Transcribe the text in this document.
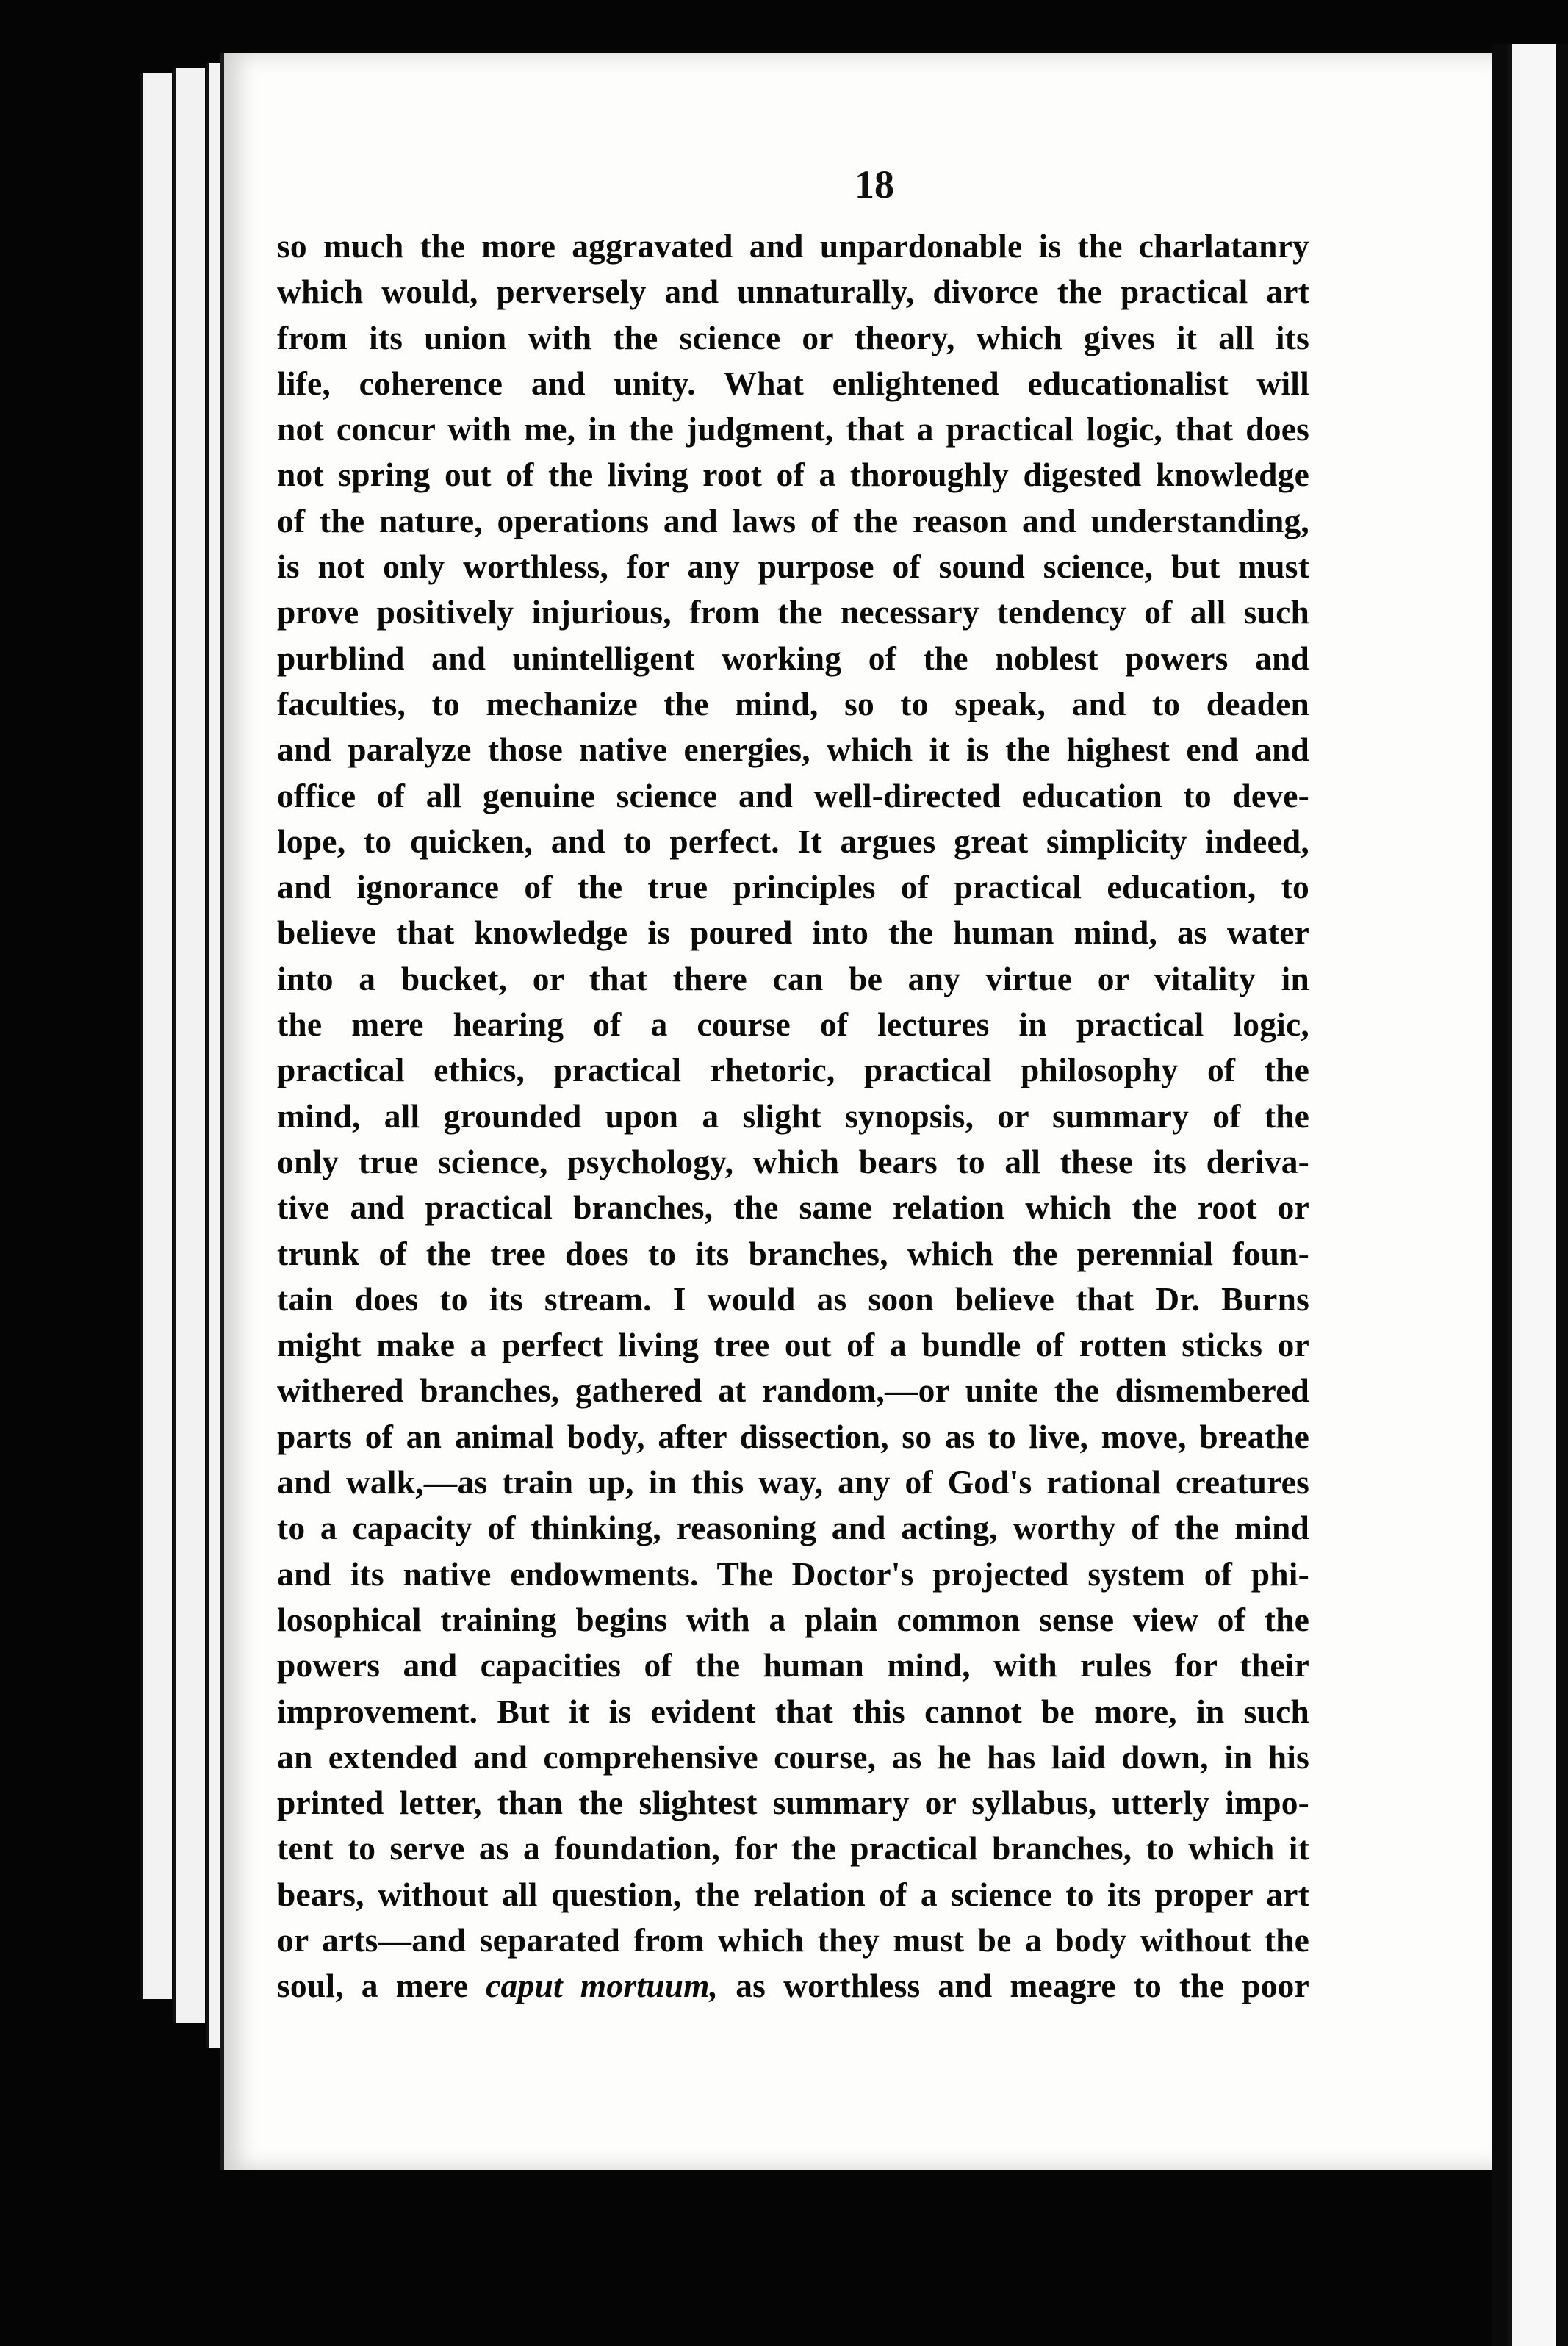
18
so much the more aggravated and unpardonable is the charlatanry
which would, perversely and unnaturally, divorce the practical art
from its union with the science or theory, which gives it all its
life, coherence and unity. What enlightened educationalist will
not concur with me, in the judgment, that a practical logic, that does
not spring out of the living root of a thoroughly digested knowledge
of the nature, operations and laws of the reason and understanding,
is not only worthless, for any purpose of sound science, but must
prove positively injurious, from the necessary tendency of all such
purblind and unintelligent working of the noblest powers and
faculties, to mechanize the mind, so to speak, and to deaden
and paralyze those native energies, which it is the highest end and
office of all genuine science and well-directed education to deve-
lope, to quicken, and to perfect. It argues great simplicity indeed,
and ignorance of the true principles of practical education, to
believe that knowledge is poured into the human mind, as water
into a bucket, or that there can be any virtue or vitality in
the mere hearing of a course of lectures in practical logic,
practical ethics, practical rhetoric, practical philosophy of the
mind, all grounded upon a slight synopsis, or summary of the
only true science, psychology, which bears to all these its deriva-
tive and practical branches, the same relation which the root or
trunk of the tree does to its branches, which the perennial foun-
tain does to its stream. I would as soon believe that Dr. Burns
might make a perfect living tree out of a bundle of rotten sticks or
withered branches, gathered at random,—or unite the dismembered
parts of an animal body, after dissection, so as to live, move, breathe
and walk,—as train up, in this way, any of God's rational creatures
to a capacity of thinking, reasoning and acting, worthy of the mind
and its native endowments. The Doctor's projected system of phi-
losophical training begins with a plain common sense view of the
powers and capacities of the human mind, with rules for their
improvement. But it is evident that this cannot be more, in such
an extended and comprehensive course, as he has laid down, in his
printed letter, than the slightest summary or syllabus, utterly impo-
tent to serve as a foundation, for the practical branches, to which it
bears, without all question, the relation of a science to its proper art
or arts—and separated from which they must be a body without the
soul, a mere caput mortuum, as worthless and meagre to the poor
